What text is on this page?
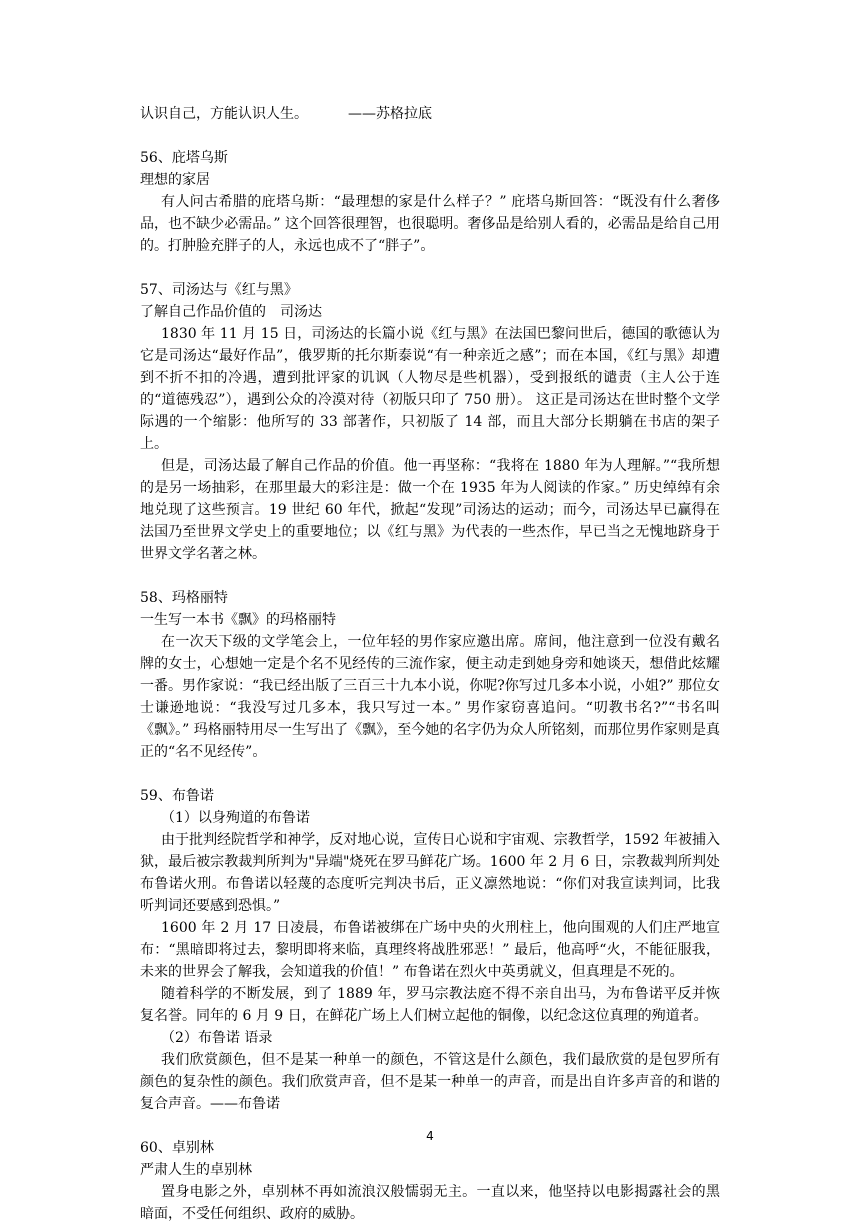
认识自己，方能认识人生。	——苏格拉底

56、庇塔乌斯

理想的家居

有人问古希腊的庇塔乌斯：“最理想的家是什么样子？” 庇塔乌斯回答：“既没有什么奢侈品，也不缺少必需品。” 这个回答很理智，也很聪明。奢侈品是给别人看的，必需品是给自己用的。打肿脸充胖子的人，永远也成不了“胖子”。

57、司汤达与《红与黑》

了解自己作品价值的　司汤达

1830 年 11 月 15 日，司汤达的长篇小说《红与黑》在法国巴黎问世后，德国的歌德认为它是司汤达“最好作品”，俄罗斯的托尔斯泰说“有一种亲近之感”；而在本国，《红与黑》却遭到不折不扣的冷遇，遭到批评家的讥讽（人物尽是些机器），受到报纸的谴责（主人公于连的“道德残忍”），遇到公众的冷漠对待（初版只印了 750 册）。 这正是司汤达在世时整个文学际遇的一个缩影：他所写的 33 部著作，只初版了 14 部，而且大部分长期躺在书店的架子上。

但是，司汤达最了解自己作品的价值。他一再坚称：“我将在 1880 年为人理解。”“我所想的是另一场抽彩，在那里最大的彩注是：做一个在 1935 年为人阅读的作家。” 历史绰绰有余地兑现了这些预言。19 世纪 60 年代，掀起“发现”司汤达的运动；而今，司汤达早已赢得在法国乃至世界文学史上的重要地位；以《红与黑》为代表的一些杰作，早已当之无愧地跻身于世界文学名著之林。

58、玛格丽特

一生写一本书《飘》的玛格丽特

在一次天下级的文学笔会上，一位年轻的男作家应邀出席。席间，他注意到一位没有戴名牌的女士，心想她一定是个名不见经传的三流作家，便主动走到她身旁和她谈天，想借此炫耀一番。男作家说：“我已经出版了三百三十九本小说，你呢?你写过几多本小说，小姐?” 那位女士谦逊地说：“我没写过几多本，我只写过一本。” 男作家窃喜追问。“叨教书名?”“书名叫《飘》。” 玛格丽特用尽一生写出了《飘》，至今她的名字仍为众人所铭刻，而那位男作家则是真正的“名不见经传”。

59、布鲁诺

（1）以身殉道的布鲁诺

由于批判经院哲学和神学，反对地心说，宣传日心说和宇宙观、宗教哲学，1592 年被捕入狱，最后被宗教裁判所判为"异端"烧死在罗马鲜花广场。1600 年 2 月 6 日，宗教裁判所判处布鲁诺火刑。布鲁诺以轻蔑的态度听完判决书后，正义凛然地说：“你们对我宣读判词，比我听判词还要感到恐惧。”

1600 年 2 月 17 日凌晨，布鲁诺被绑在广场中央的火刑柱上，他向围观的人们庄严地宣布：“黑暗即将过去，黎明即将来临，真理终将战胜邪恶！” 最后，他高呼“火，不能征服我，未来的世界会了解我，会知道我的价值！” 布鲁诺在烈火中英勇就义，但真理是不死的。

随着科学的不断发展，到了 1889 年，罗马宗教法庭不得不亲自出马，为布鲁诺平反并恢复名誉。同年的 6 月 9 日，在鲜花广场上人们树立起他的铜像，以纪念这位真理的殉道者。

（2）布鲁诺 语录

我们欣赏颜色，但不是某一种单一的颜色，不管这是什么颜色，我们最欣赏的是包罗所有颜色的复杂性的颜色。我们欣赏声音，但不是某一种单一的声音，而是出自许多声音的和谐的复合声音。——布鲁诺

60、卓别林

严肃人生的卓别林

置身电影之外，卓别林不再如流浪汉般懦弱无主。一直以来，他坚持以电影揭露社会的黑暗面，不受任何组织、政府的威胁。

4
